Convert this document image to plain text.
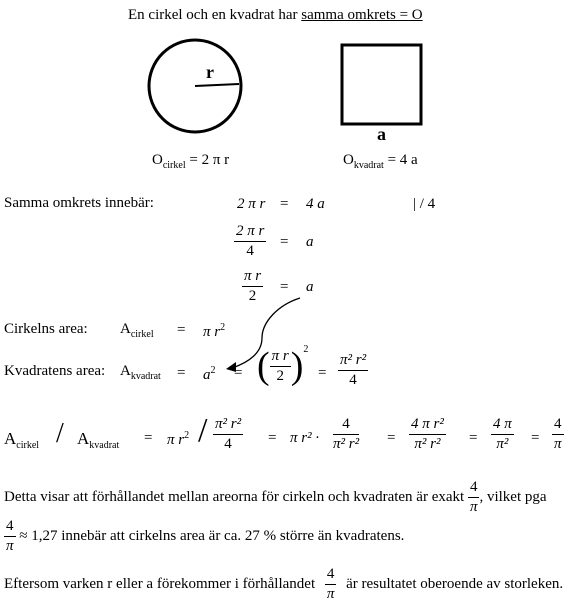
En cirkel och en kvadrat har samma omkrets = O
r
a
$O_{cirkel} = 2$ π r	$O_{kvadrat} = 4$ a
Samma omkrets innebär:	2 π r = 4 a	| / 4
$\frac{\text{2 π r}}{4} = a$
$\frac{\text{π r}}{2} = a$
Cirkelns area: $A_{cirkel} = \pi$ $r^2$
Kvadratens area: $A_{kvadrat} = a^2$ = ( $\frac{\text{π r}}{2} )^2$
= $\frac{\text{π² r²}}{4}$
$A_{cirkel} / A_{kvadrat} = \pi$ $r^2 / \frac{\text{π² r²}}{4} = \pi$ $r^2 \cdot \frac{4}{\text{π² r²}} = \frac{\text{4 π r²}}{\text{π² r²}} = \frac{4 \pi}{\text{π²}} = \frac{4}{\pi}$
Detta visar att förhållandet mellan areorna för cirkeln och kvadraten är exakt $\frac{4}{\pi}$ , vilket pga
$\frac{4}{\pi} \approx 1,27$ innebär att cirkelns area är ca. 27 % större än kvadratens.
Eftersom varken r eller a förekommer i förhållandet $\frac{4}{\pi}$ är resultatet oberoende av storleken.
